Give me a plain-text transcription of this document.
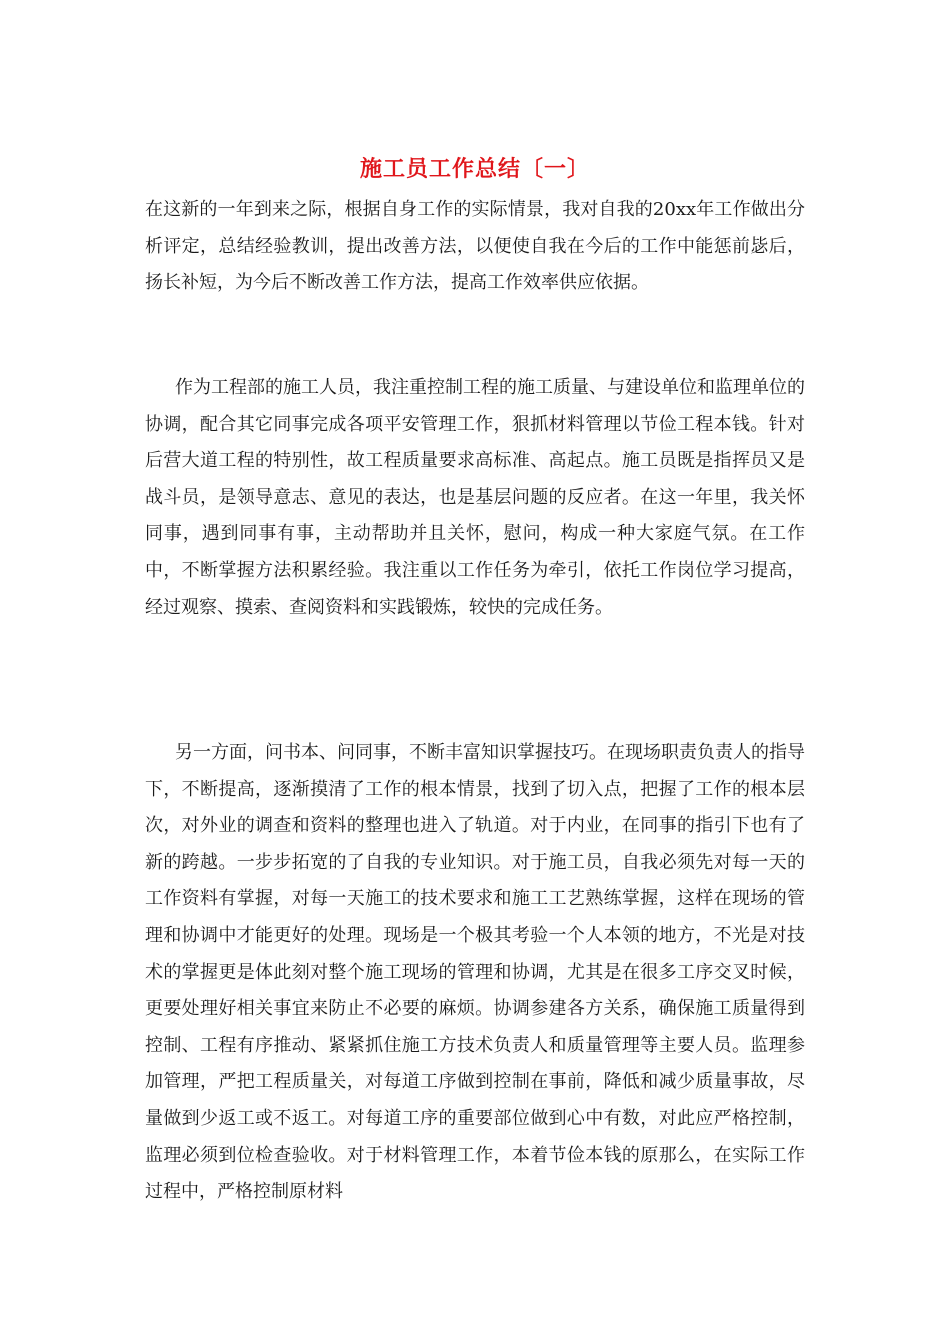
施工员工作总结〔一〕

在这新的一年到来之际，根据自身工作的实际情景，我对自我的20xx年工作做出分析评定，总结经验教训，提出改善方法，以便使自我在今后的工作中能惩前毖后，扬长补短，为今后不断改善工作方法，提高工作效率供应依据。

作为工程部的施工人员，我注重控制工程的施工质量、与建设单位和监理单位的协调，配合其它同事完成各项平安管理工作，狠抓材料管理以节俭工程本钱。针对后营大道工程的特别性，故工程质量要求高标准、高起点。施工员既是指挥员又是战斗员，是领导意志、意见的表达，也是基层问题的反应者。在这一年里，我关怀同事，遇到同事有事，主动帮助并且关怀，慰问，构成一种大家庭气氛。在工作中，不断掌握方法积累经验。我注重以工作任务为牵引，依托工作岗位学习提高，经过观察、摸索、查阅资料和实践锻炼，较快的完成任务。

另一方面，问书本、问同事，不断丰富知识掌握技巧。在现场职责负责人的指导下，不断提高，逐渐摸清了工作的根本情景，找到了切入点，把握了工作的根本层次，对外业的调查和资料的整理也进入了轨道。对于内业，在同事的指引下也有了新的跨越。一步步拓宽的了自我的专业知识。对于施工员，自我必须先对每一天的工作资料有掌握，对每一天施工的技术要求和施工工艺熟练掌握，这样在现场的管理和协调中才能更好的处理。现场是一个极其考验一个人本领的地方，不光是对技术的掌握更是体此刻对整个施工现场的管理和协调，尤其是在很多工序交叉时候，更要处理好相关事宜来防止不必要的麻烦。协调参建各方关系，确保施工质量得到控制、工程有序推动、紧紧抓住施工方技术负责人和质量管理等主要人员。监理参加管理，严把工程质量关，对每道工序做到控制在事前，降低和减少质量事故，尽量做到少返工或不返工。对每道工序的重要部位做到心中有数，对此应严格控制，监理必须到位检查验收。对于材料管理工作，本着节俭本钱的原那么，在实际工作过程中，严格控制原材料
